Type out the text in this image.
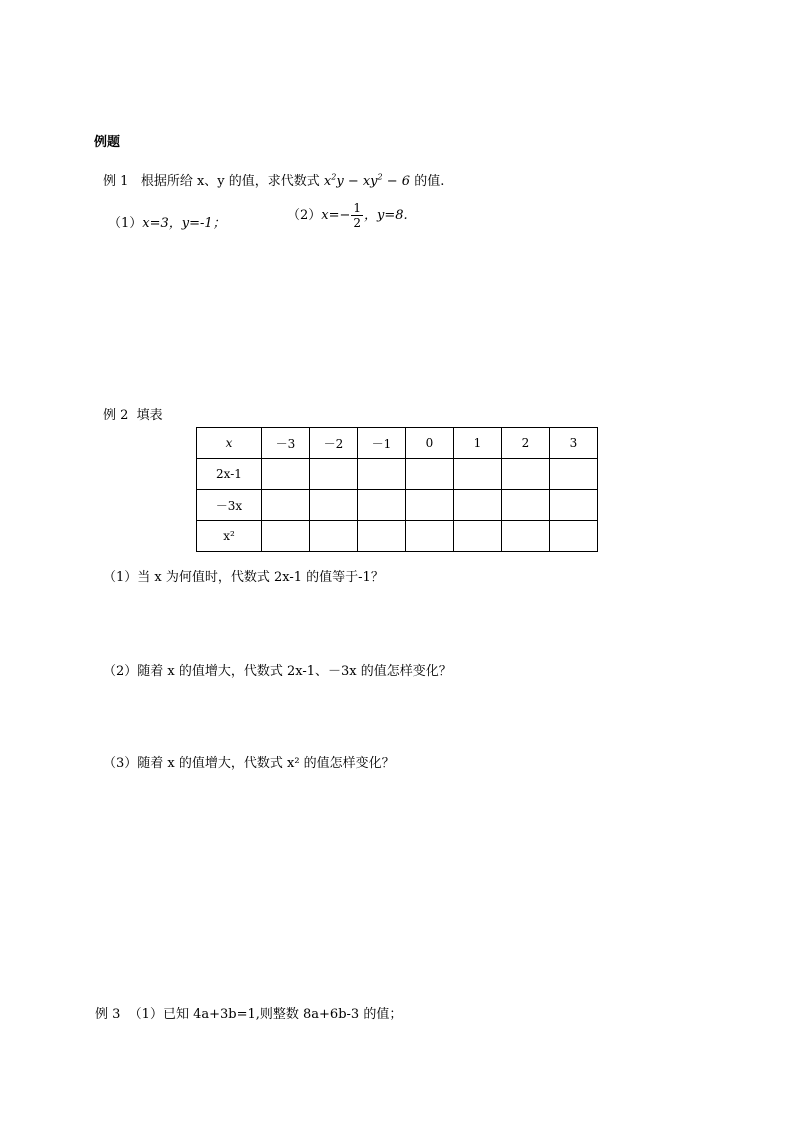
例题
例 1 根据所给 x、y 的值，求代数式 $x^2y - xy^2 - 6$ 的值.
（1）x=3，y=-1；
$(2)x=- \frac{1}{2}$ ，y=8.
例 2 填表
x	－3	－2	－1	0	1	2	3
2x-1							
－3x							
x²							
（1）当 x 为何值时，代数式 2x-1 的值等于-1？
（2）随着 x 的值增大，代数式 2x-1、－3x 的值怎样变化？
（3）随着 x 的值增大，代数式 x² 的值怎样变化？
例 3 （1）已知 4a+3b=1,则整数 8a+6b-3 的值；
